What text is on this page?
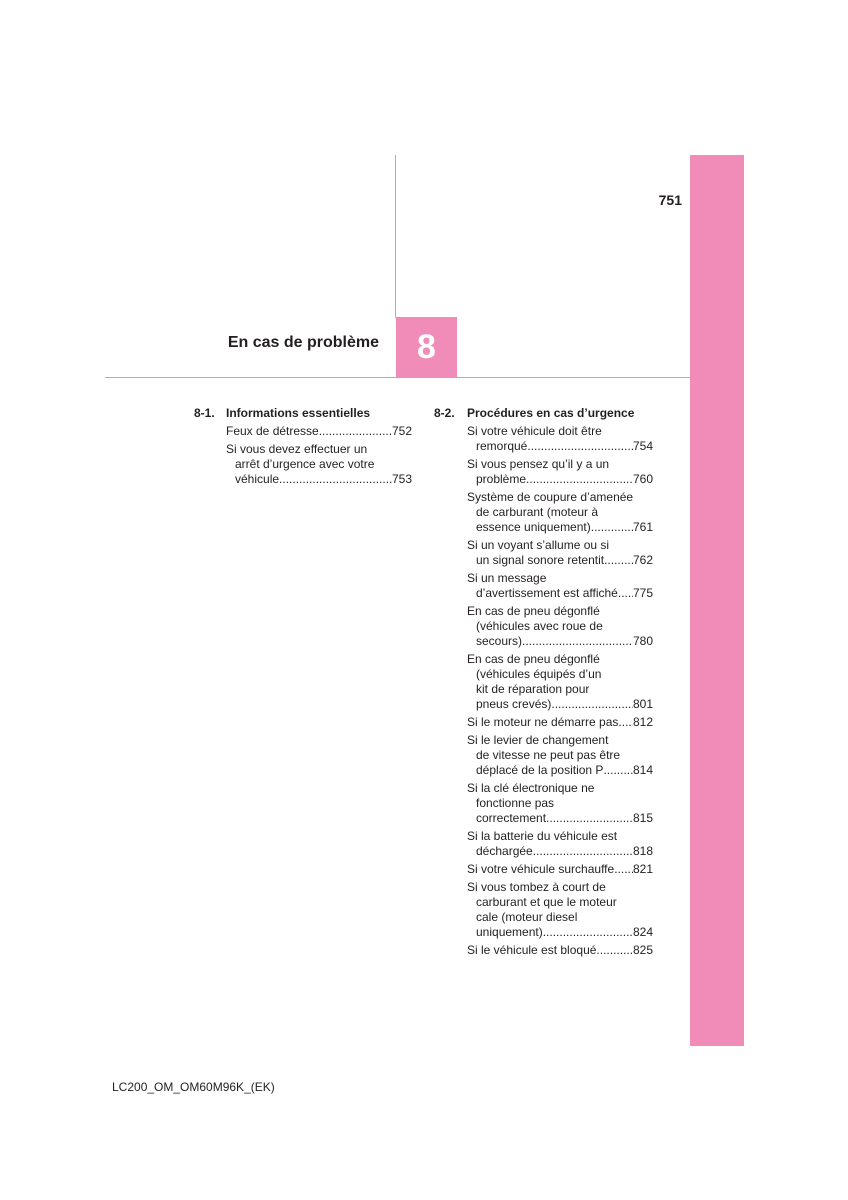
751
En cas de problème	8
8-1. Informations essentielles
Feux de détresse .....	752
Si vous devez effectuer un
arrêt d’urgence avec votre
véhicule .....	753
8-2. Procédures en cas d’urgence
Si votre véhicule doit être
remorqué .....	754
Si vous pensez qu’il y a un
problème .....	760
Système de coupure d’amenée
de carburant (moteur à
essence uniquement) .....	761
Si un voyant s’allume ou si
un signal sonore retentit ..... 762
Si un message
d’avertissement est affiché ..... 775
En cas de pneu dégonflé
(véhicules avec roue de
secours) .....	780
En cas de pneu dégonflé
(véhicules équipés d’un
kit de réparation pour
pneus crevés) .....	801
Si le moteur ne démarre pas ..... 812
Si le levier de changement
de vitesse ne peut pas être
déplacé de la position P ..... 814
Si la clé électronique ne
fonctionne pas
correctement .....	815
Si la batterie du véhicule est
déchargée .....	818
Si votre véhicule surchauffe ..... 821
Si vous tombez à court de
carburant et que le moteur
cale (moteur diesel
uniquement) .....	824
Si le véhicule est bloqué .....	825
LC200_OM_OM60M96K_(EK)
